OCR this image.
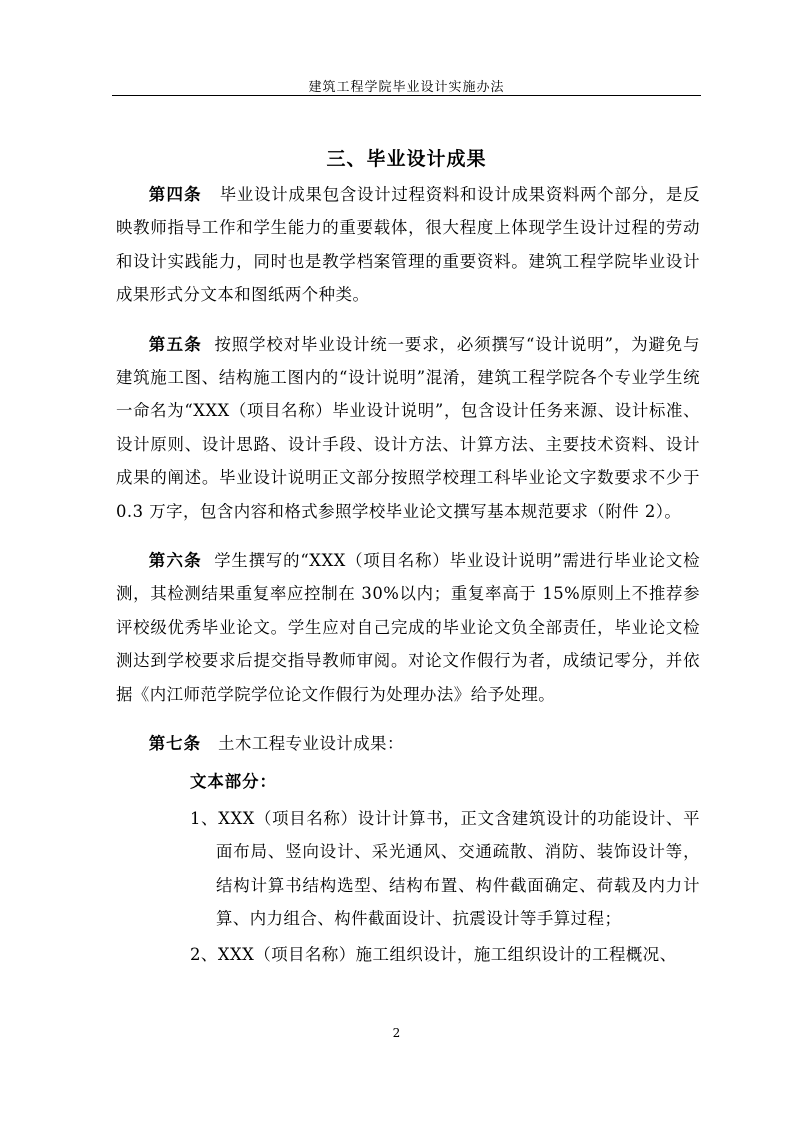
建筑工程学院毕业设计实施办法
三、毕业设计成果

第四条 毕业设计成果包含设计过程资料和设计成果资料两个部分，是反映教师指导工作和学生能力的重要载体，很大程度上体现学生设计过程的劳动和设计实践能力，同时也是教学档案管理的重要资料。建筑工程学院毕业设计成果形式分文本和图纸两个种类。

第五条 按照学校对毕业设计统一要求，必须撰写“设计说明”，为避免与建筑施工图、结构施工图内的“设计说明”混淆，建筑工程学院各个专业学生统一命名为“XXX（项目名称）毕业设计说明”，包含设计任务来源、设计标准、设计原则、设计思路、设计手段、设计方法、计算方法、主要技术资料、设计成果的阐述。毕业设计说明正文部分按照学校理工科毕业论文字数要求不少于 0.3 万字，包含内容和格式参照学校毕业论文撰写基本规范要求（附件 2）。

第六条 学生撰写的“XXX（项目名称）毕业设计说明”需进行毕业论文检测，其检测结果重复率应控制在 30%以内；重复率高于 15%原则上不推荐参评校级优秀毕业论文。学生应对自己完成的毕业论文负全部责任，毕业论文检测达到学校要求后提交指导教师审阅。对论文作假行为者，成绩记零分，并依据《内江师范学院学位论文作假行为处理办法》给予处理。

第七条 土木工程专业设计成果：

文本部分：

1、XXX（项目名称）设计计算书，正文含建筑设计的功能设计、平面布局、竖向设计、采光通风、交通疏散、消防、装饰设计等，结构计算书结构选型、结构布置、构件截面确定、荷载及内力计算、内力组合、构件截面设计、抗震设计等手算过程；

2、XXX（项目名称）施工组织设计，施工组织设计的工程概况、

2
